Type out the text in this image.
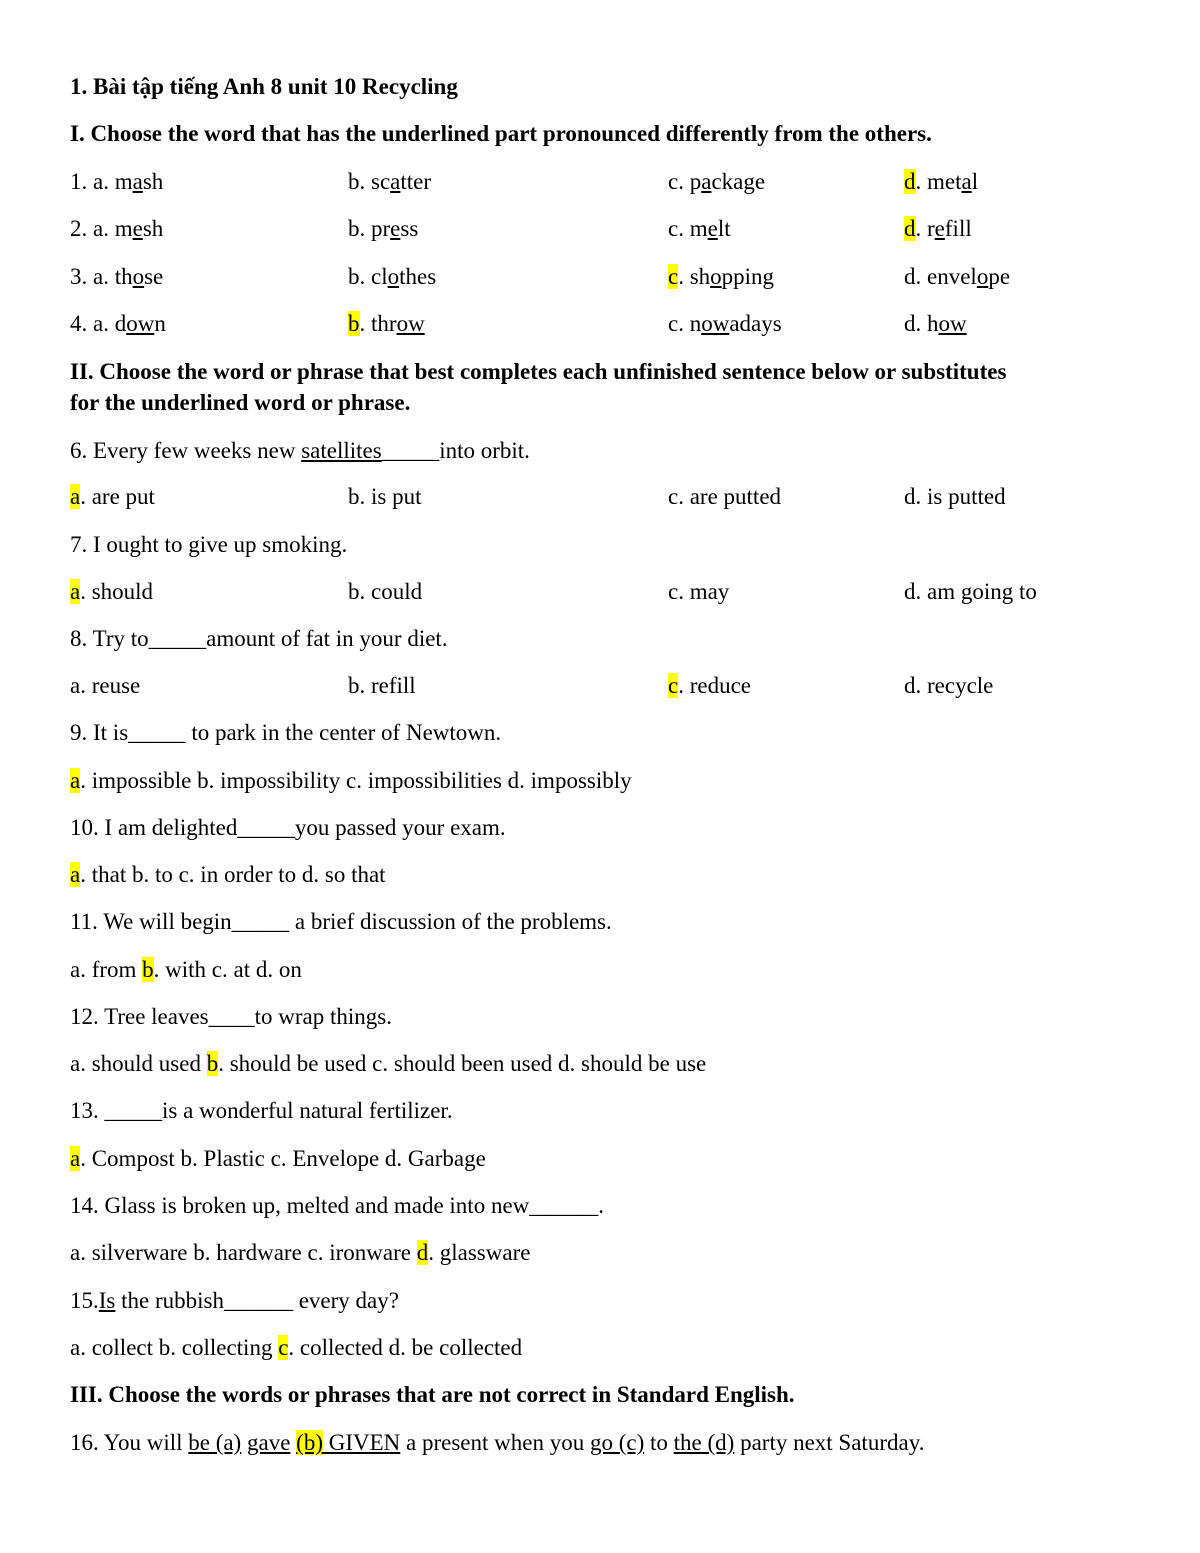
1. Bài tập tiếng Anh 8 unit 10 Recycling
I. Choose the word that has the underlined part pronounced differently from the others.
1. a. mash	b. scatter	c. package	d. metal
2. a. mesh	b. press	c. melt	d. refill
3. a. those	b. clothes	c. shopping	d. envelope
4. a. down	b. throw	c. nowadays	d. how
II. Choose the word or phrase that best completes each unfinished sentence below or substitutes
for the underlined word or phrase.
6. Every few weeks new satellites_____into orbit.
a. are put	b. is put	c. are putted	d. is putted
7. I ought to give up smoking.
a. should	b. could	c. may	d. am going to
8. Try to_____amount of fat in your diet.
a. reuse	b. refill	c. reduce	d. recycle
9. It is_____ to park in the center of Newtown.
a. impossible b. impossibility c. impossibilities d. impossibly
10. I am delighted_____you passed your exam.
a. that b. to c. in order to d. so that
11. We will begin_____ a brief discussion of the problems.
a. from b. with c. at d. on
12. Tree leaves____to wrap things.
a. should used b. should be used c. should been used d. should be use
13. _____is a wonderful natural fertilizer.
a. Compost b. Plastic c. Envelope d. Garbage
14. Glass is broken up, melted and made into new______.
a. silverware b. hardware c. ironware d. glassware
15.Is the rubbish______ every day?
a. collect b. collecting c. collected d. be collected
III. Choose the words or phrases that are not correct in Standard English.
16. You will be (a) gave (b) GIVEN a present when you go (c) to the (d) party next Saturday.
